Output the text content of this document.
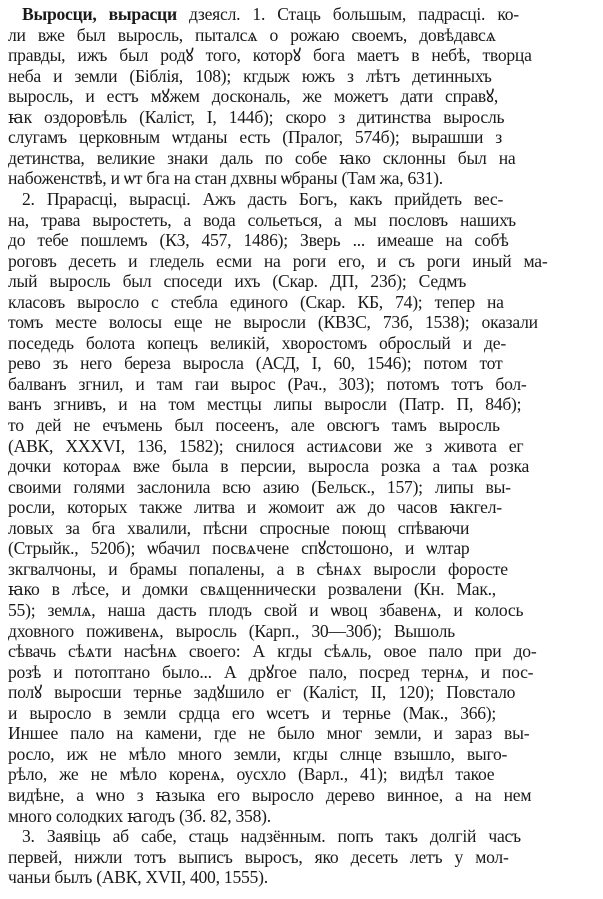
Выросци, вырасци дзеясл. 1. Стаць большым, падрасці. ко-
ли вже был выросль, пыталсѧ о рожаю своемъ, довѣдавсѧ
правды, ижъ был родꙋ того, которꙋ бога маетъ в небѣ, творца
неба и земли (Біблія, 108); кгдыж южъ з лѣтъ детинныхъ
выросль, и естъ мꙋжем доскональ, же можетъ дати справꙋ,
ꙗк оздоровѣль (Каліст, I, 144б); скоро з дитинства выросль
слугамъ церковным ѡтданы есть (Пралог, 574б); вырашши з
детинства, великие знаки даль по собе ꙗко склонны был на
набоженствѣ, и ѡт бга на стан дхвны ѡбраны (Там жа, 631).
2. Прарасці, вырасці. Ажъ дасть Богъ, какъ прийдеть вес-
на, трава выростеть, а вода сольеться, а мы пословъ нашихъ
до тебе пошлемъ (КЗ, 457, 1486); Зверь ... имеаше на собѣ
роговъ десеть и гледель есми на роги его, и съ роги иный ма-
лый выросль был споседи ихъ (Скар. ДП, 23б); Седмъ
класовъ выросло с стебла единого (Скар. КБ, 74); тепер на
томъ месте волосы еще не выросли (КВЗС, 73б, 1538); оказали
поседедь болота копецъ великій, хворостомъ оброслый и де-
рево зъ него береза выросла (АСД, I, 60, 1546); потом тот
балванъ згнил, и там гаи вырос (Рач., 303); потомъ тотъ бол-
ванъ згнивъ, и на том местцы липы выросли (Патр. П, 84б);
то дей не ечъмень был посеенъ, але овсюгъ тамъ выросль
(АВК, XXXVI, 136, 1582); снилося астиѧсови же з живота ег
дочки котораѧ вже была в персии, выросла розка а таѧ розка
своими голями заслонила всю азию (Бельск., 157); липы вы-
росли, которых также литва и жомоит аж до часов ꙗкгел-
ловых за бга хвалили, пѣсни спросные поющ спѣваючи
(Стрыйк., 520б); ѡбачил посвѧчене спꙋстошоно, и ѡлтар
зкгвалчоны, и брамы попалены, а в сѣнѧх выросли форосте
ꙗко в лѣсе, и домки свѧщеннически розвалени (Кн. Мак.,
55); землѧ, наша дасть плодъ свой и ѡвоц збавенѧ, и колось
дховного поживенѧ, выросль (Карп., 30—30б); Вышоль
сѣвачь сѣѧти насѣнѧ своего: А кгды сѣѧль, овое пало при до-
розѣ и потоптано было... А дрꙋгое пало, посред тернѧ, и пос-
полꙋ выросши тернье задꙋшило ег (Каліст, II, 120); Повстало
и выросло в земли срдца его ѡсетъ и тернье (Мак., 366);
Иншее пало на камени, где не было мног земли, и зараз вы-
росло, иж не мѣло много земли, кгды слнце взышло, выго-
рѣло, же не мѣло коренѧ, оусхло (Варл., 41); видѣл такое
видѣне, а ѡно з ꙗзыка его выросло дерево винное, а на нем
много солодких ꙗгодъ (Зб. 82, 358).
3. Заявіць аб сабе, стаць надзённым. попъ такъ долгій часъ
первей, нижли тотъ выписъ выросъ, яко десеть летъ у мол-
чаньи былъ (АВК, XVII, 400, 1555).
